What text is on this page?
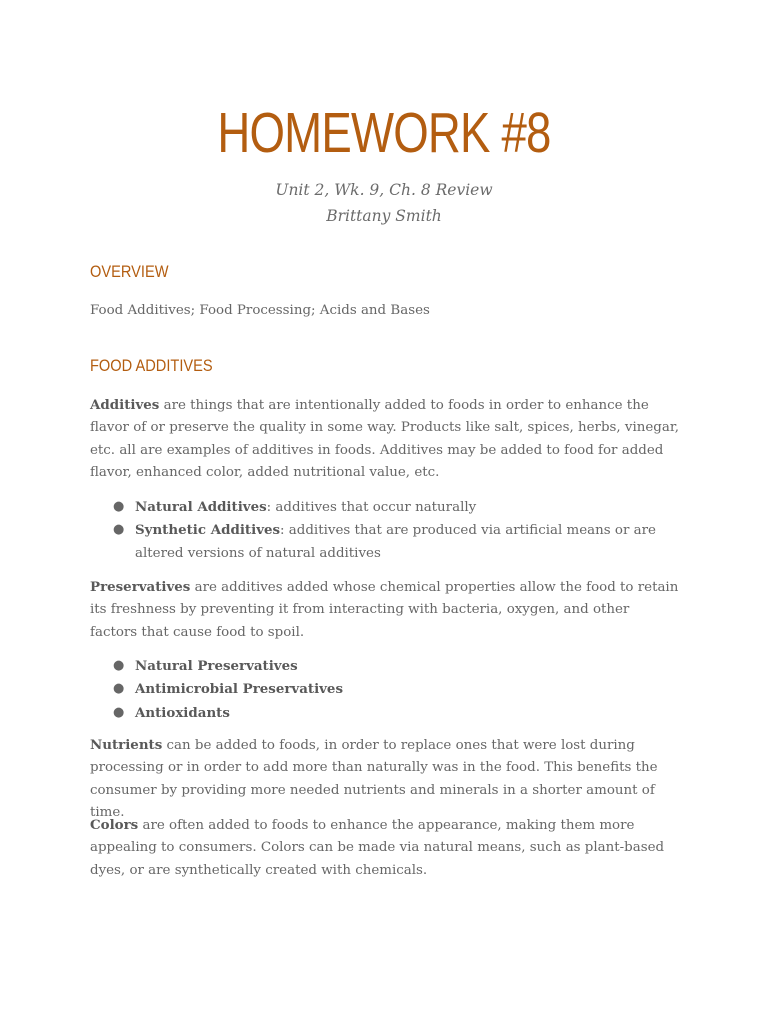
HOMEWORK #8
Unit 2, Wk. 9, Ch. 8 Review
Brittany Smith
OVERVIEW

Food Additives; Food Processing; Acids and Bases

FOOD ADDITIVES

Additives are things that are intentionally added to foods in order to enhance the flavor of or preserve the quality in some way. Products like salt, spices, herbs, vinegar, etc. all are examples of additives in foods. Additives may be added to food for added flavor, enhanced color, added nutritional value, etc.

● Natural Additives: additives that occur naturally
● Synthetic Additives: additives that are produced via artificial means or are altered versions of natural additives

Preservatives are additives added whose chemical properties allow the food to retain its freshness by preventing it from interacting with bacteria, oxygen, and other factors that cause food to spoil.

● Natural Preservatives
● Antimicrobial Preservatives
● Antioxidants

Nutrients can be added to foods, in order to replace ones that were lost during processing or in order to add more than naturally was in the food. This benefits the consumer by providing more needed nutrients and minerals in a shorter amount of time.

Colors are often added to foods to enhance the appearance, making them more appealing to consumers. Colors can be made via natural means, such as plant-based dyes, or are synthetically created with chemicals.
